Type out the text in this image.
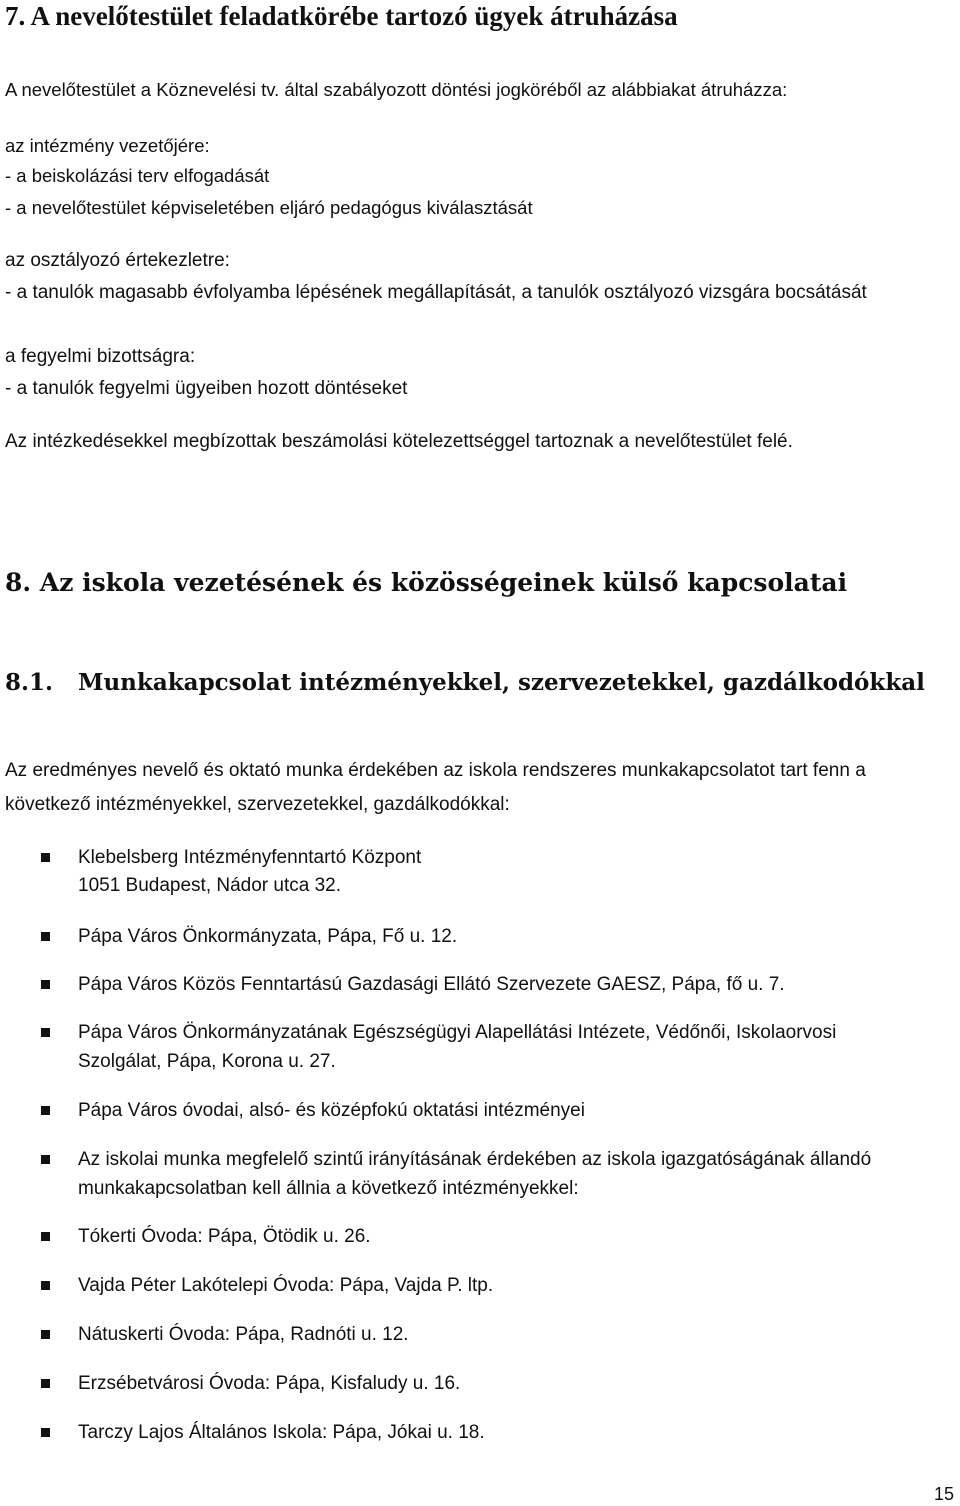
7. A nevelőtestület feladatkörébe tartozó ügyek átruházása
A nevelőtestület a Köznevelési tv. által szabályozott döntési jogköréből az alábbiakat átruházza:
az intézmény vezetőjére:
- a beiskolázási terv elfogadását
- a nevelőtestület képviseletében eljáró pedagógus kiválasztását
az osztályozó értekezletre:
- a tanulók magasabb évfolyamba lépésének megállapítását, a tanulók osztályozó vizsgára bocsátását
a fegyelmi bizottságra:
- a tanulók fegyelmi ügyeiben hozott döntéseket
Az intézkedésekkel megbízottak beszámolási kötelezettséggel tartoznak a nevelőtestület felé.
8. Az iskola vezetésének és közösségeinek külső kapcsolatai
8.1. Munkakapcsolat intézményekkel, szervezetekkel, gazdálkodókkal
Az eredményes nevelő és oktató munka érdekében az iskola rendszeres munkakapcsolatot tart fenn a
következő intézményekkel, szervezetekkel, gazdálkodókkal:
Klebelsberg Intézményfenntartó Központ
1051 Budapest, Nádor utca 32.
Pápa Város Önkormányzata, Pápa, Fő u. 12.
Pápa Város Közös Fenntartású Gazdasági Ellátó Szervezete GAESZ, Pápa, fő u. 7.
Pápa Város Önkormányzatának Egészségügyi Alapellátási Intézete, Védőnői, Iskolaorvosi
Szolgálat, Pápa, Korona u. 27.
Pápa Város óvodai, alsó- és középfokú oktatási intézményei
Az iskolai munka megfelelő szintű irányításának érdekében az iskola igazgatóságának állandó
munkakapcsolatban kell állnia a következő intézményekkel:
Tókerti Óvoda: Pápa, Ötödik u. 26.
Vajda Péter Lakótelepi Óvoda: Pápa, Vajda P. ltp.
Nátuskerti Óvoda: Pápa, Radnóti u. 12.
Erzsébetvárosi Óvoda: Pápa, Kisfaludy u. 16.
Tarczy Lajos Általános Iskola: Pápa, Jókai u. 18.
15
